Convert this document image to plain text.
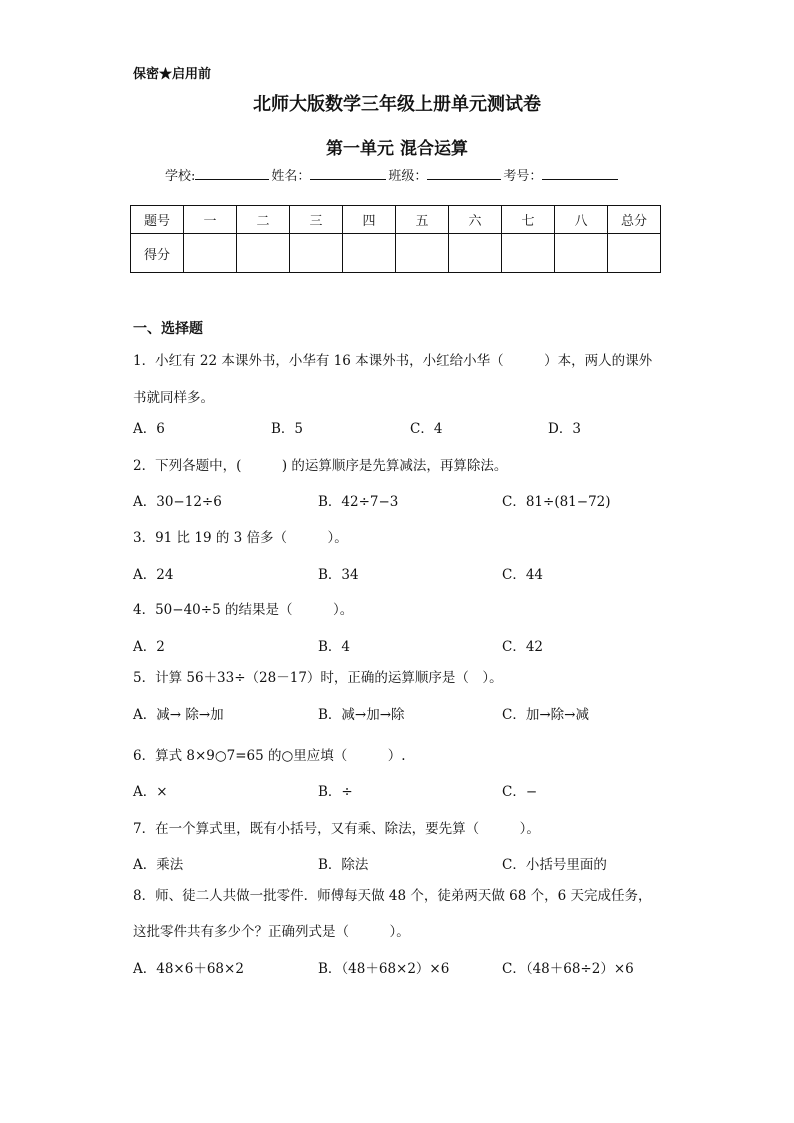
保密★启用前
北师大版数学三年级上册单元测试卷
第一单元 混合运算
学校:	姓名：	班级：	考号：
题号	一	二	三	四	五	六	七	八	总分
得分									
一、选择题
1．小红有 22 本课外书，小华有 16 本课外书，小红给小华（　　　）本，两人的课外
书就同样多。
A．6	B．5	C．4	D．3
2．下列各题中，(　　　) 的运算顺序是先算减法，再算除法。
A．30−12÷6	B．42÷7−3	C．81÷(81−72)
3．91 比 19 的 3 倍多（　　　）。
A．24	B．34	C．44
4．50−40÷5 的结果是（　　　）。
A．2	B．4	C．42
5．计算 56＋33÷（28－17）时，正确的运算顺序是（　）。
A．减→ 除→加	B．减→加→除	C．加→除→减
6．算式 8×9○7=65 的○里应填（　　　）.
A．×	B．÷	C．−
7．在一个算式里，既有小括号，又有乘、除法，要先算（　　　）。
A．乘法	B．除法	C．小括号里面的
8．师、徒二人共做一批零件．师傅每天做 48 个，徒弟两天做 68 个，6 天完成任务，
这批零件共有多少个？正确列式是（　　　）。
A．48×6＋68×2	B．（48＋68×2）×6	C．（48＋68÷2）×6
